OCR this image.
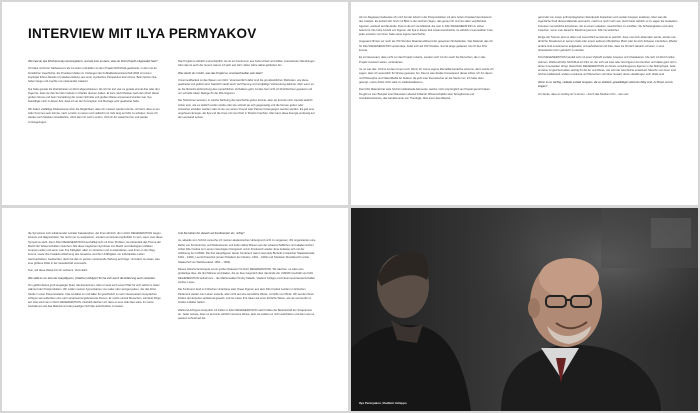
INTERVIEW MIT ILYA PERMYAKOV

Wie hast du Ilya Khrzhanovsky kennengelernt, und wie kam es dazu, dass du DAU-Projekt mitgestaltet hast?

Ich habe mit Dorin Yakhamenov als Co-Autor und Editor an dem Projekt NATASHA gearbeitet, in dem mit de borstlichen Geschichte, die Druckerei Zellen im Umfangen der Fußballweltmeisterschaft 2006 mit einem Kopfspiel führen Mexiko (2) wiederentdeckt, aus einer mystischen Perspektive beim Kinos. Beim letzten Ilya haben lange und machte uns miteinander bekannt.

Ilya hatte gerade die Dreharbeiten an DAU abgeschlossen. Als ich ihn traf, war es gerade einmal drei oder drei Tage her, dass sie das Set des Instituts in Kharkiv räumen hatten. Er kam nach Moskau nach dem Dreh dieser großen Szene und beim Vorstellung der ersten Schnitte und großen Weise anmessend wurden war. Ilya bekräftigte mich in dieser Zeit, dass ich an der Konzeption und Montage sehr gearbeitet habe.

Wir hatten vielfältige Diskussionen über die Möglichkeit, dass ich meistert werden könnte. Ich fand, dass es ein toller Kommen sein könnte, nach London zu reisen und vielleicht mir Jahr lang an DAU zu arbeiten, bevor ich wieder nach Moskau zurückkehrte. 2011 kam ich nach London. Und ich bin weiterhin hier und wieder zurückgezogen.

Das Projekt ist wirklich unerschöpflich. Es ist ein Kontinuum aus harter Arbeit und wilden unerwarteten Wendungen. Aber das ist auch der Grund, warum ich jetzt seit zehn Jahre Jahre dabei geblieben bin.

Was steckt du in DAU, was das Projekt so unverwechselbar sein lässt?

Unvermeidbarkeit ist das Wesen von DAU. Verantwortlich dafür sind die grundsätzlichen Methoden, wie diese gearbeitet und gefilmt wird. Natürlich steckt auch viel Planung und sorgfältige Vorbereitung dahinter. Aber wenn es an die filmische Erforschung des menschlichen Verhaltens geht, ist dies hart nicht mit Drehbüchern geackert und nur schnelle Ideen Dialoge für die DAU-Figuren.

Die Teilnehmer wussten, in welche Richtung die Geschichte gehen könnte, aber sie konnten sich niemals wirklich sicher sein, wie es wirklich enden würde oder wie schnell sie sich gegenseitig und die Nerven geben oder Antworten erhielten würden oder ob sie von einem Freund oder Partner hintergangen werden würden. Es gab eine ungeheure Energie, die Ilya und die Crew mit zum Dreh in Kharkiv brachten. Man kann diese Energie eindeutig auf der Leinwand spüren.

Als Co-Regisseur bedeutete ich mich bei der Arbeit in der Postproduktion mit dem hohen Kreislauf des Existenz des Instituts. Es behielt sich hoch mit Blick in den leichten Tagen, das genau Ort und uns dazu verpflichtete Agenten, wartend auf das Ende. Das ist die Art von Material, die man in DAU DEGENERATION zu sehen bekommt. Die hohe Anzahl von Figuren, die Ilya in dieser Zeit zusammenbrachte, ist wirklich unvermeidbar. Fast jeder einzelne von ihnen hatte seine eigene Geschichte.

Insgesamt filmten wir mehr als 700 Stunden Material während der gesamten Dreharbeiten. Das Material, das ich für DAU DEGENERATION verwendete, belief sich auf 150 Stunden. Es hat lange gedauert, bis ich den Film konnte.

Es ist interessant, dass nicht nur das Projekt mutierte, sondern sich mit ihm auch die Menschen, die in das Projekt involviert waren, veränderten.

Ja, so war das. Und ist ist das immer noch. Wenn ich meine eigene Mentalität betrachte erkenne, dann würde ich sagen, dass ich wesentlich für Drama gewesen bin. Das ist was direkte Konsequenz dieser Arbeit. Ich bin davon mit Philosophie und Video/Media Art befasst, da geht man theoretischer an die Sache ran. Ich habe dazu gesorgt, meine Arbeit nicht stark zu intellektualisieren.

Das DAU Material hat viele höchst intellektuelle Elemente, welche mich ursprünglich am Projekt gereizt haben. Da gibt es zum Beispiel eine Diskussion absolut brillanter Wissenschaftler über Stringtheorie und Gravitationstheorie, das hat Elemente von Theologie. Man kann das Material

ganz klar von einem anthropologischen Standpunkt betrachten und soziale Gruppen studieren. Aber was die eigentliche Kraft dieses Materials ausmacht, macht es noch mehr aus. DAU bietet wirklich so zu sagen die Gedanken intensive menschliche Emotionen, die es einem erlauben, Geschichten zu erzählen, die Schwierigkeiten und stets zwischen, wenn man darauf in Berührung kommt. DAU ist wirklicher.

Einige der Szenen sind so offen und menschlich emotional so peinlich, dass man sich abwenden würde, würde man ähnliche Situationen in seinem Café oder einem anderen öffentlichen Platz oder bei sich Zuhause miterleben. Wieder andere sind emotional so aufgeladen und aufwühlend und bitte, dass sie förmlich danach schreien, in eine dramatische Form gebracht zu werden.

DAU DEGENERATION handelt sich mit einer Vielzahl sozialer Gruppen und Charakteren. Die sich mit DAU Institut wohnen. Während DAU NATASHA ein Film ist, der sich auf zwei oder drei Figuren konzentriert und dabei ganz tief in deren Innenwelten dringt, bietet DAU DEGENERATION ein feines verschlungenes Figuren in der Mikrophysik. Jede einzelne ist gleichermaßen wichtig für die Art und Weise, wie sich die Geschichte entwickelt. Manche von ihnen sind höchst intellektuell, andere emotional und Menschen voll roher Gewalt, deren Handlungen sehr direkt sind.

Wenn es so wichtig, radikale soziale Gruppen, die so direktem gewalttätigen Aktionen fähig sind, zu filmen und zu zeigen?

Ich denke, dass es wichtig ist zu lernen – durch das Medium Film – wie man

die Symptome sich anbahnender sozialer Katastrophen, die ihnen ähnlich, die in DAU DEGENERATION zeigen, erkennt und diagnostiziert. Sie reicht nur zu analysieren, sondern emotional empfindlich zu sein, wenn man diese Symptome sieht. Denn DAU DEGENERATION beschäftigt sich mit ihren Problem, sie behandelt das Thema der Macht der Wissenschaften zwischen. Alle diese tragischen Symbiose von Macht und Ideologien entfalten Gruppen wider und wenn man ihre Fähigkeit, allen zu zerstören und zu kapitulieren, was ihnen in den Weg kommt, sowie ihre brutalste Ablehnung des Gesetzes und ihre Unfähigkeit, ein individuelles Leben wertzuschätzen, beobachtet, dann hat das im ganzen verstörende Wirkung auf Folge. Und dann ist etwas, was eine größere Rolle in der Gesellschaft verursacht.

Nun, auf diese Weise bin ich verbannt. Vermutlich.

Wie stellt es um eine der Hauptfiguren, (Vladimir) Azhippo? Er hat sich durch die Erfahrung auch verändert.

Ihm geföhl dieses groß angelegte Spiel, das Experiment. Aber er fand auch einen Platz für sich selbst im Hotel während der Postproduktion. Wir wollen meinen hypnotisieren von realer oder weniger jedem, der das DAU-Studio in einer Dokumentation. Das ist dabei so und fallen für gewöhnlich zu sehr interessanten Gesprächen. Azhippo war außerdem eine sehr verantwortungsbewusste Person. Er nutzte einmal Menschen, schränkt Dinge auf. Das wird man in DAU DEGENERATION. Deshalb dachten wir, dass es eine tolle Idee wäre, ihn seine Sozialismen auf das Material und die jeweiligen Schnitte aufschreiben zu lassen.

Und Sie haben ihn danach auf Konferenzen etc, richtig?

Ja, aktuelle vom Schnitt versuche ich meinen akademischen Hintergrund nicht zu vergessen. Wir organisierten eine Reihe von Konferenzen und Diskussionen und luden dabei Wissen aus der wissenschaftlichen und akademischen Arbeit DAU Institut ist in einem Vereinigten Königreich und in Frankreich wieder. Eine befasste sich mit der Auflösung der UdSSR. Die drei Hauptfiguren dieser Konferenz waren Gennady Burbulis (russischer Staatssekretär, 1991 – 1992), Leonid Kravchuk (erster Präsident der Ukraine, 1991 – 1994) und Stanislav Shushkevich (erster Staatschef von Weißrussland, 1991 – 1994).

Dieses historische Ereignis ist ein großer Relevanz für DAU DEGENERATION. Wir dachten, es wäre eine großartige Idee, die drei Männer einzuladen, die an dem Gespräch über das Ende der UdSSR innerhalb von DAU DEGENERATION teilnehmen – die Mathematiker Dmitry Kaledin, Vladimir Azhippo und Neuroneurowissenschaftler Andrey Losev.

Die Konferenz fand im britischen Unterhaus statt. Diese Figuren aus dem DAU Institut wurden im britischen Parlament wieder zum Leben erweckt, aber nicht auf eine künstliche Weise, mit Hilfe von Mimik. Wir wurden Ihnen Folden der Experten anbietend gewebt, und sie treten ihre Ideen auf einer ähnliche Weise, wie sie sie bereits im Institut entfaltet hatten.

Während Azhippos Gespräch mit Fallen in DAU DEGENERATION macht Fallen die Bereitschaft der Sowjetunion an. Jeder wusste, dass es auf einer wirklich intensive Weise, aber sie wollten es nicht wahrhaben und dann war es passiert schnell auf die

Ilya Permyakov, Vladimir Azhippo
